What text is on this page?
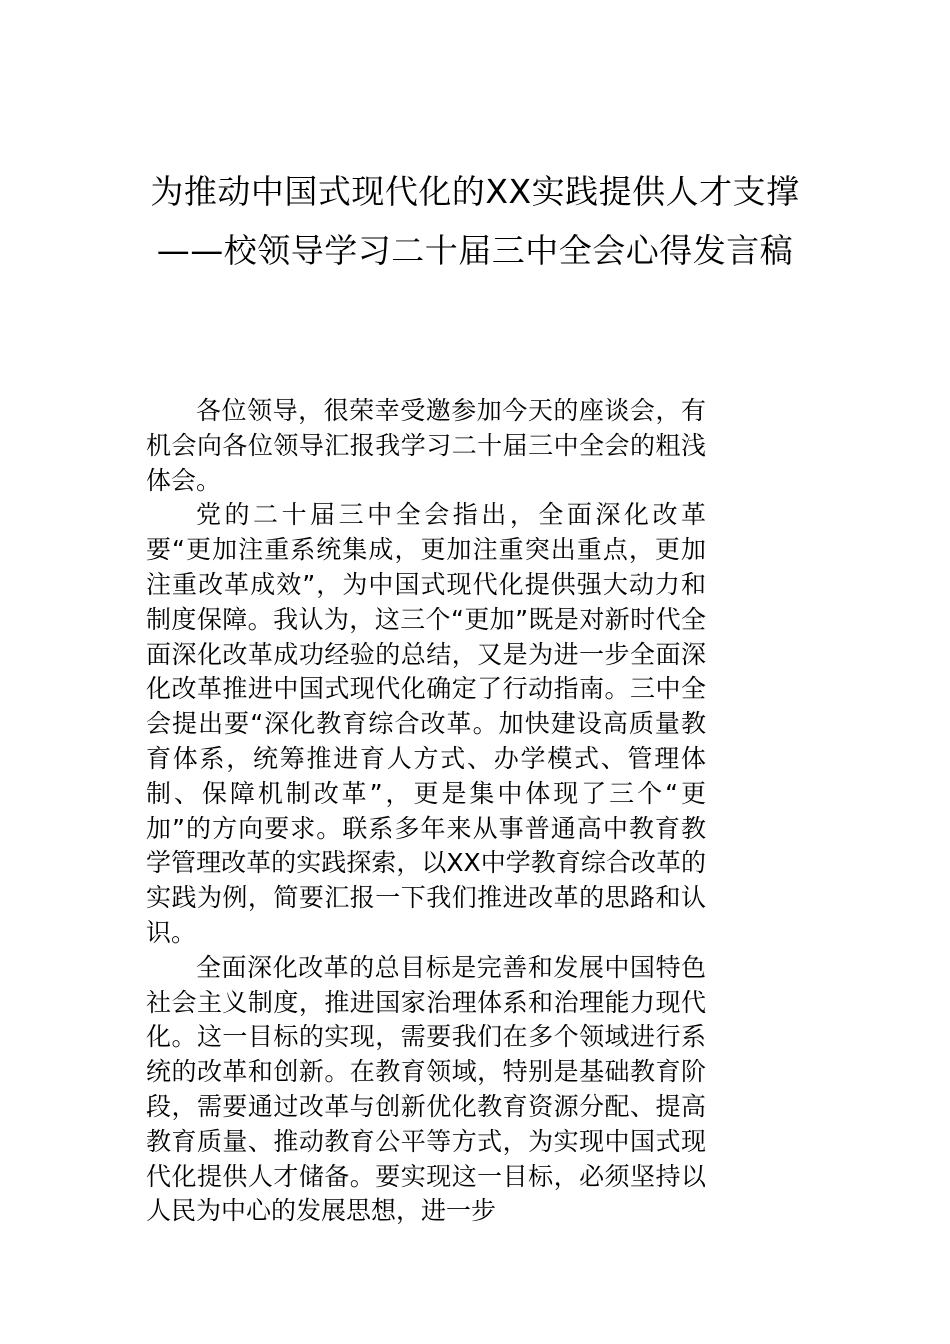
为推动中国式现代化的XX实践提供人才支撑——校领导学习二十届三中全会心得发言稿

各位领导，很荣幸受邀参加今天的座谈会，有机会向各位领导汇报我学习二十届三中全会的粗浅体会。

党的二十届三中全会指出，全面深化改革要“更加注重系统集成，更加注重突出重点，更加注重改革成效”，为中国式现代化提供强大动力和制度保障。我认为，这三个“更加”既是对新时代全面深化改革成功经验的总结，又是为进一步全面深化改革推进中国式现代化确定了行动指南。三中全会提出要“深化教育综合改革。加快建设高质量教育体系，统筹推进育人方式、办学模式、管理体制、保障机制改革”，更是集中体现了三个“更加”的方向要求。联系多年来从事普通高中教育教学管理改革的实践探索，以XX中学教育综合改革的实践为例，简要汇报一下我们推进改革的思路和认识。

全面深化改革的总目标是完善和发展中国特色社会主义制度，推进国家治理体系和治理能力现代化。这一目标的实现，需要我们在多个领域进行系统的改革和创新。在教育领域，特别是基础教育阶段，需要通过改革与创新优化教育资源分配、提高教育质量、推动教育公平等方式，为实现中国式现代化提供人才储备。要实现这一目标，必须坚持以人民为中心的发展思想，进一步
